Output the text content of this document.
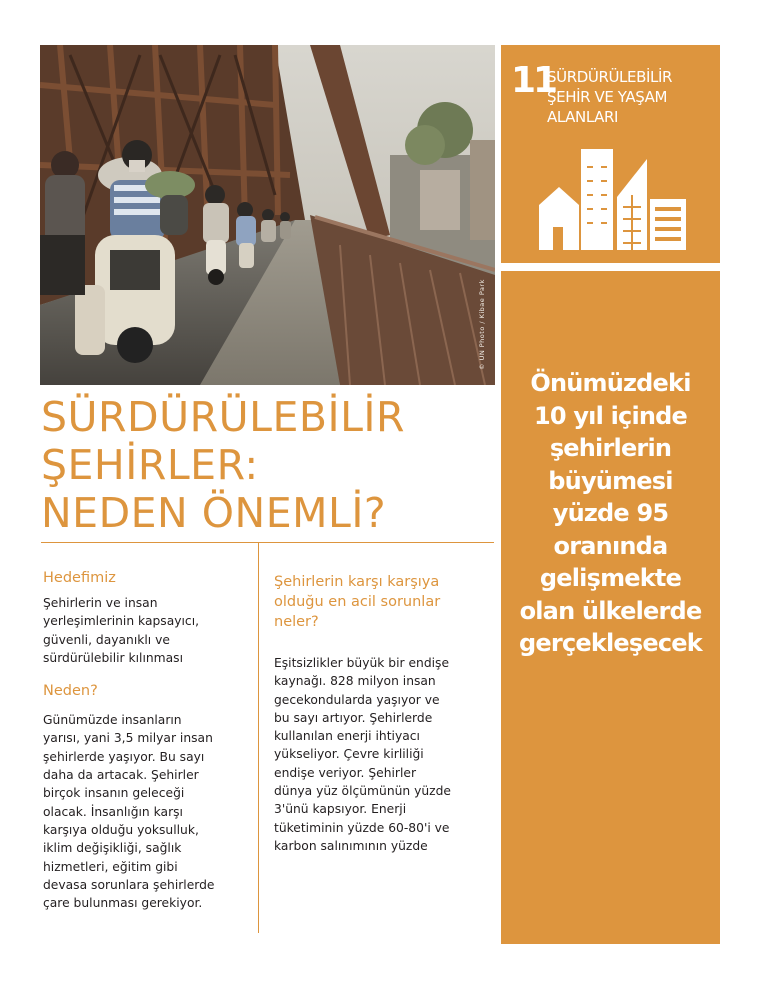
© UN Photo / Kibae Park
11
SÜRDÜRÜLEBİLİR
ŞEHİR VE YAŞAM
ALANLARI
Önümüzdeki
10 yıl içinde
şehirlerin
büyümesi
yüzde 95
oranında
gelişmekte
olan ülkelerde
gerçekleşecek
SÜRDÜRÜLEBİLİR
ŞEHİRLER:
NEDEN ÖNEMLİ?
Hedefimiz
Şehirlerin ve insan
yerleşimlerinin kapsayıcı,
güvenli, dayanıklı ve
sürdürülebilir kılınması
Neden?
Günümüzde insanların
yarısı, yani 3,5 milyar insan
şehirlerde yaşıyor. Bu sayı
daha da artacak. Şehirler
birçok insanın geleceği
olacak. İnsanlığın karşı
karşıya olduğu yoksulluk,
iklim değişikliği, sağlık
hizmetleri, eğitim gibi
devasa sorunlara şehirlerde
çare bulunması gerekiyor.
Şehirlerin karşı karşıya
olduğu en acil sorunlar
neler?
Eşitsizlikler büyük bir endişe
kaynağı. 828 milyon insan
gecekondularda yaşıyor ve
bu sayı artıyor. Şehirlerde
kullanılan enerji ihtiyacı
yükseliyor. Çevre kirliliği
endişe veriyor. Şehirler
dünya yüz ölçümünün yüzde
3'ünü kapsıyor. Enerji
tüketiminin yüzde 60-80'i ve
karbon salınımının yüzde
